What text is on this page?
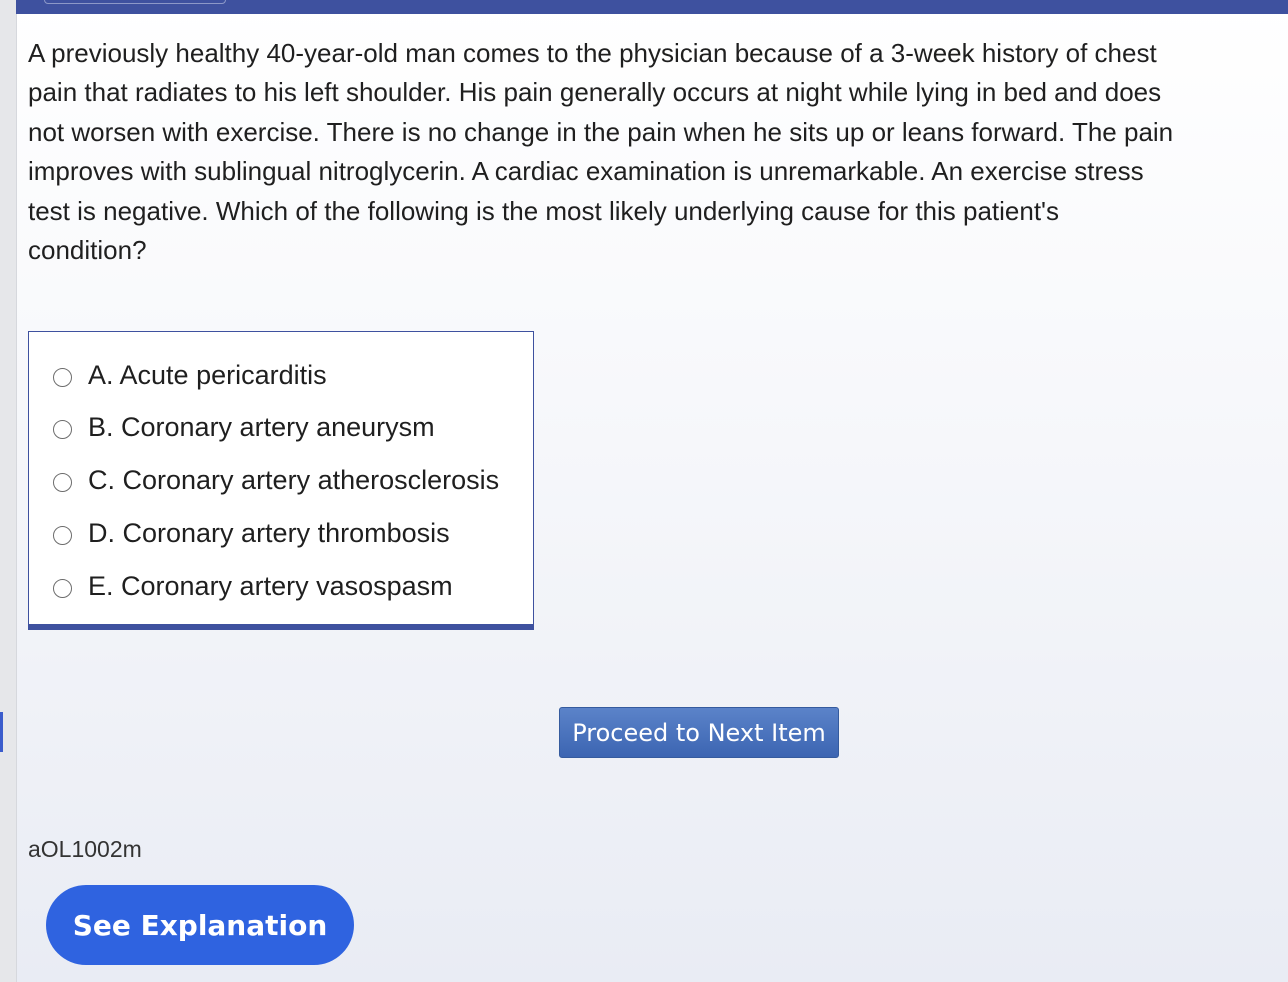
A previously healthy 40-year-old man comes to the physician because of a 3-week history of chest pain that radiates to his left shoulder. His pain generally occurs at night while lying in bed and does not worsen with exercise. There is no change in the pain when he sits up or leans forward. The pain improves with sublingual nitroglycerin. A cardiac examination is unremarkable. An exercise stress test is negative. Which of the following is the most likely underlying cause for this patient's condition?
A. Acute pericarditis
B. Coronary artery aneurysm
C. Coronary artery atherosclerosis
D. Coronary artery thrombosis
E. Coronary artery vasospasm
Proceed to Next Item
aOL1002m
See Explanation
